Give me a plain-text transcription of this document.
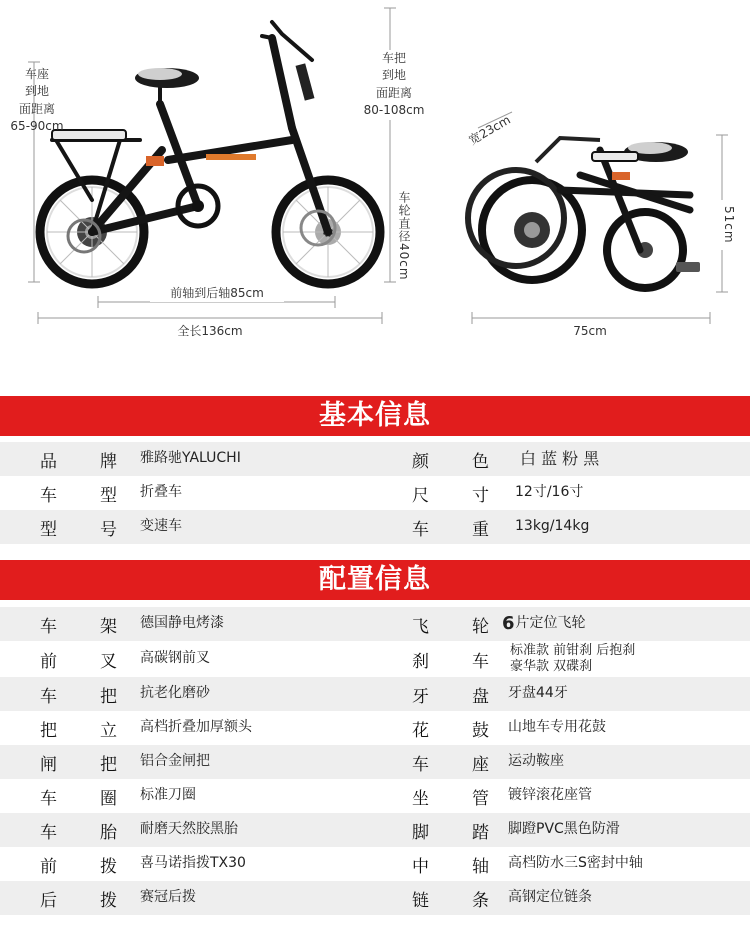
车座
到地
面距离
65-90cm
车把
到地
面距离
80-108cm
车轮直径40cm
前轴到后轴85cm
全长136cm
宽23cm
51cm
75cm
基本信息
品	牌 雅路驰YALUCHI	颜	色 白 蓝 粉 黑
车	型 折叠车	尺	寸 12寸/16寸
型	号 变速车	车	重 13kg/14kg
配置信息
车	架 德国静电烤漆	飞	轮 6 片定位飞轮
前	叉 高碳钢前叉	刹	车
标准款 前钳刹 后抱刹
豪华款 双碟刹
车	把 抗老化磨砂	牙	盘 牙盘44牙
把	立 高档折叠加厚额头	花	鼓 山地车专用花鼓
闸	把 铝合金闸把	车	座 运动鞍座
车	圈 标准刀圈	坐	管 镀锌滚花座管
车	胎 耐磨天然胶黑胎	脚	踏 脚蹬PVC黑色防滑
前	拨 喜马诺指拨TX30	中	轴 高档防水三S密封中轴
后	拨 赛冠后拨	链	条 高钢定位链条
